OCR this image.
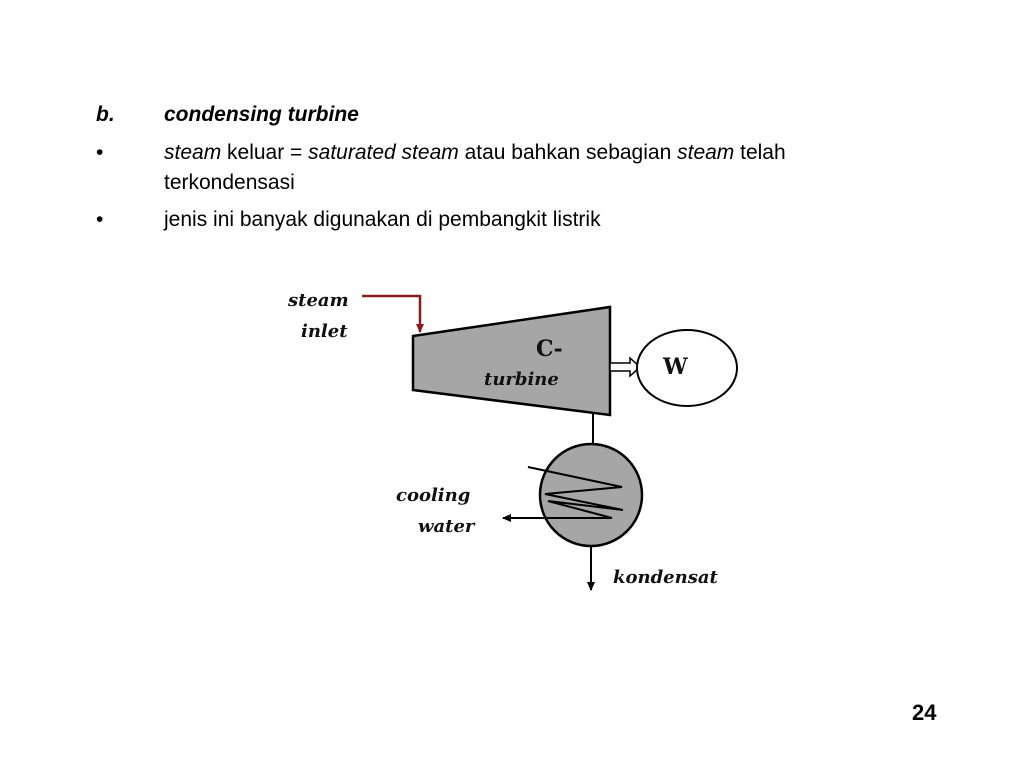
b. condensing turbine
•	steam keluar = saturated steam atau bahkan sebagian steam telah
terkondensasi
•	jenis ini banyak digunakan di pembangkit listrik
steam
inlet
C-
turbine	W
cooling
water
kondensat
24
